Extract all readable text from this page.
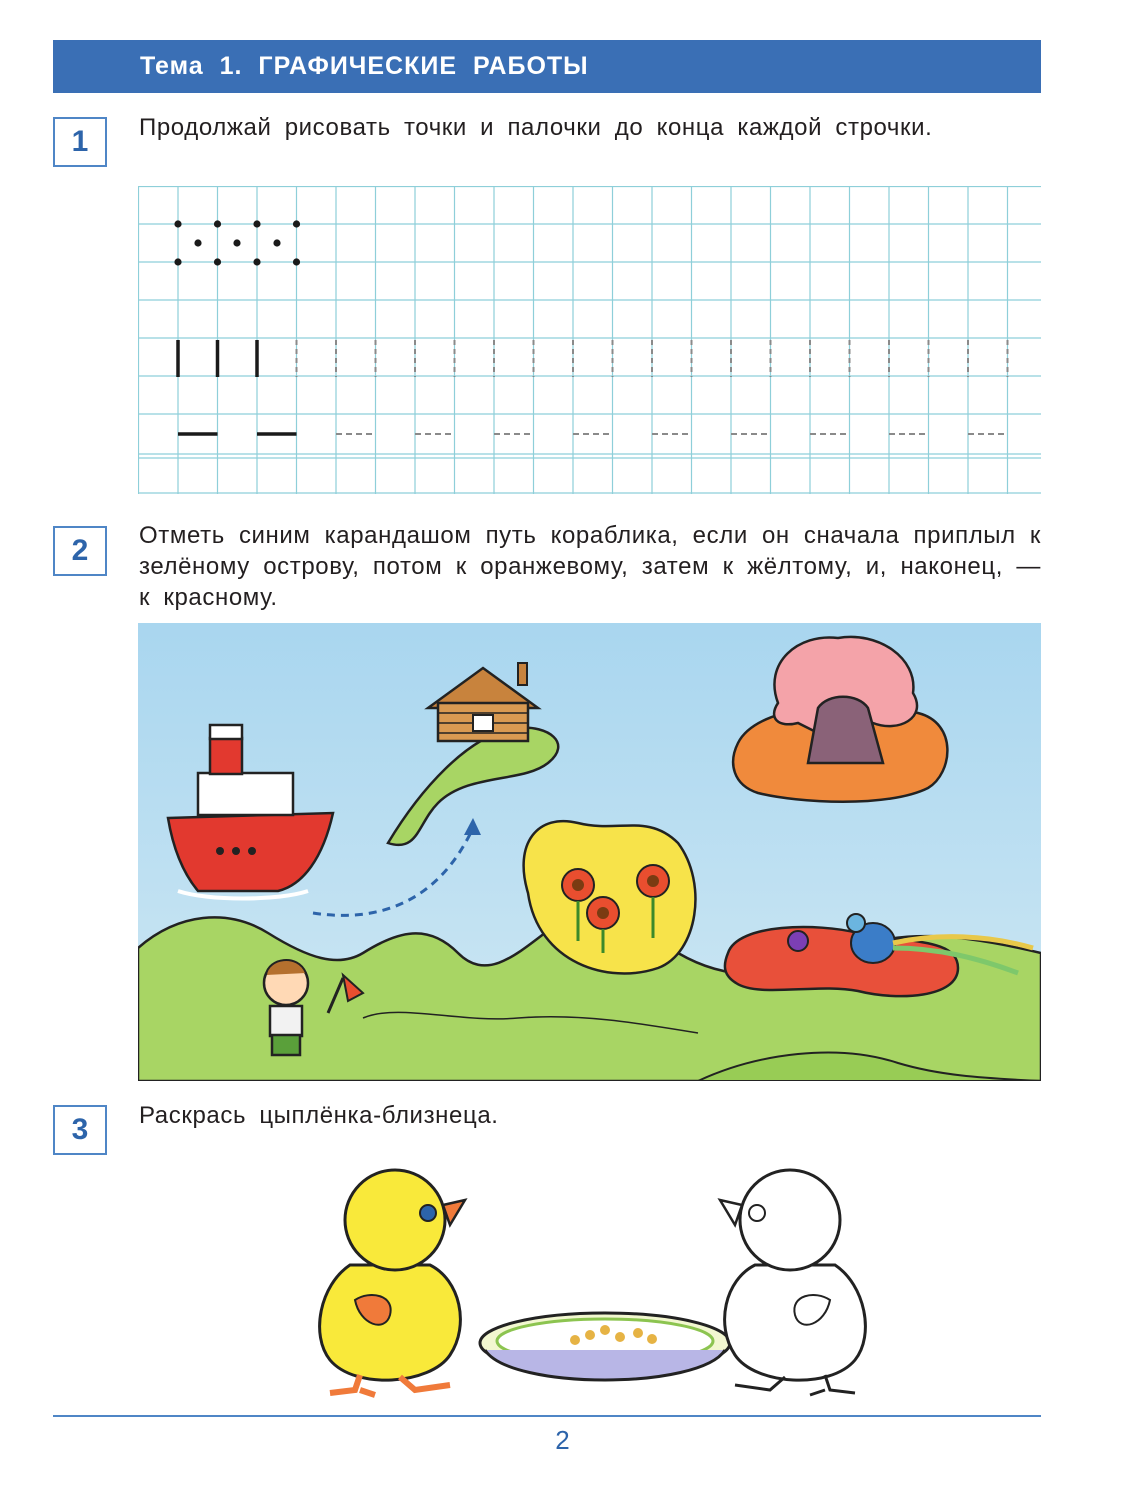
Тема 1. ГРАФИЧЕСКИЕ РАБОТЫ
1	Продолжай рисовать точки и палочки до конца каждой строчки.
2	Отметь синим карандашом путь кораблика, если он сначала приплыл к зелёному острову, потом к оранжевому, затем к жёлтому, и, наконец, — к красному.
3	Раскрась цыплёнка-близнеца.
2
